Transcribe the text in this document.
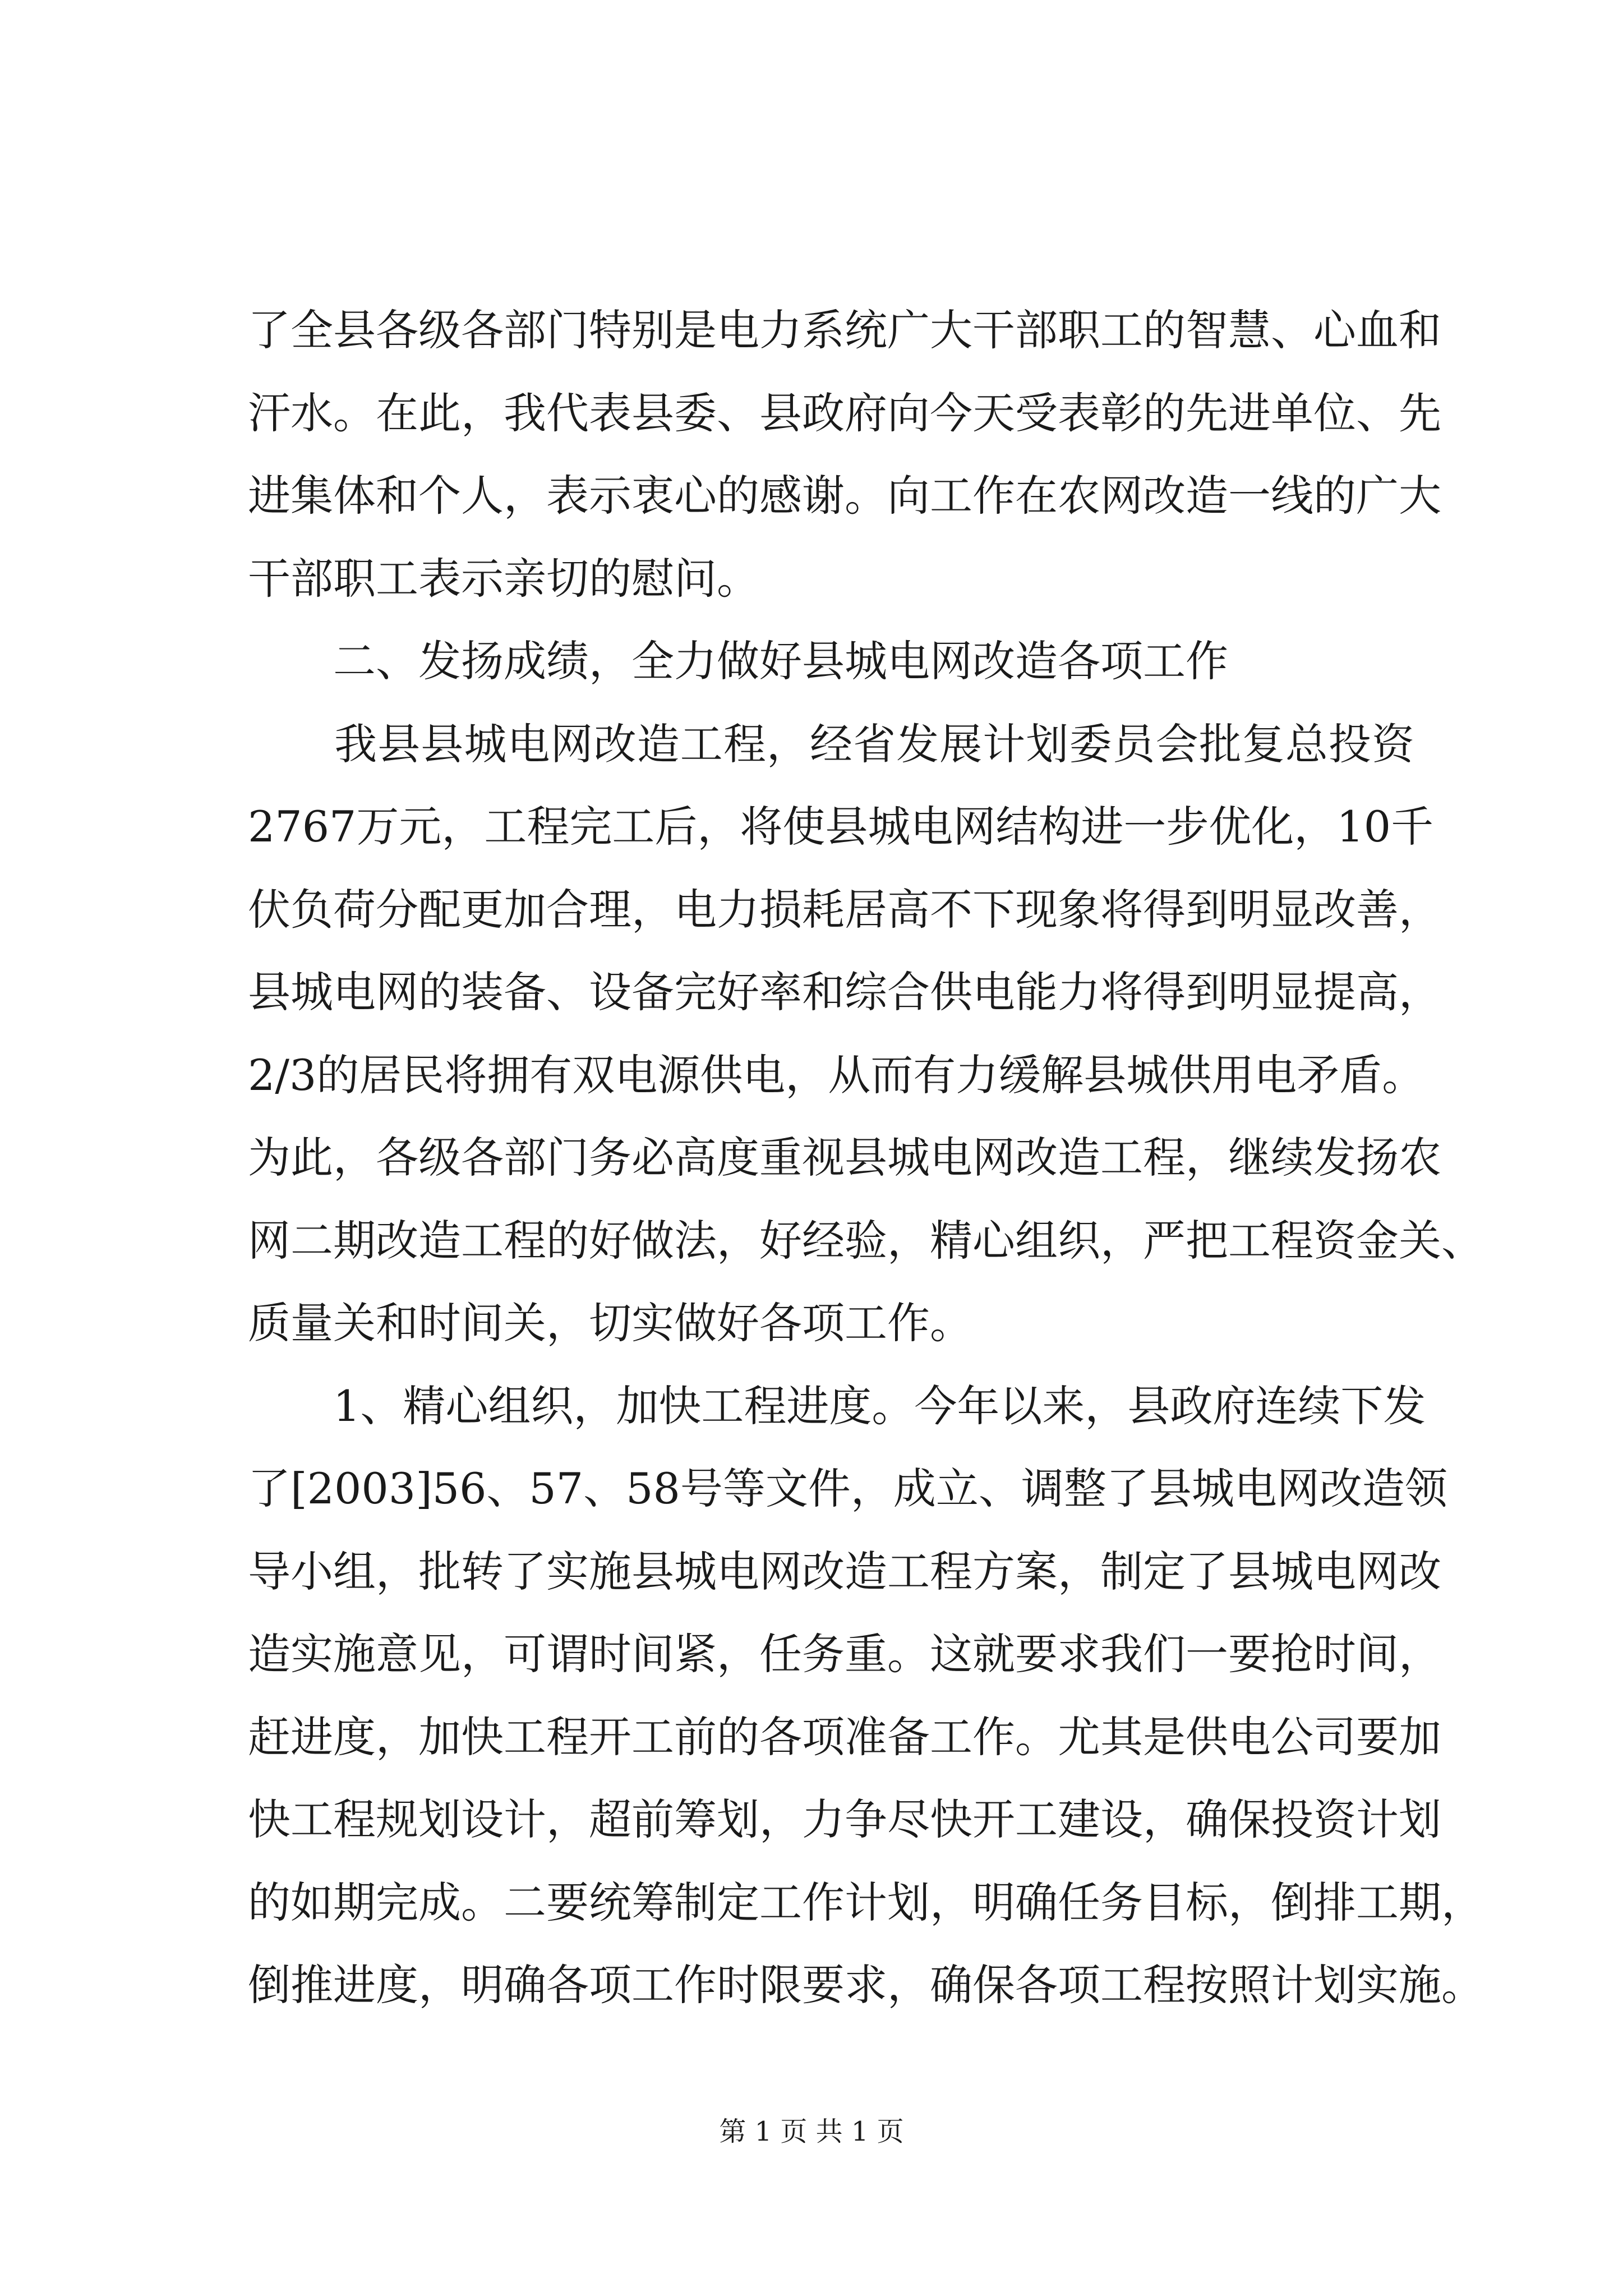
了全县各级各部门特别是电力系统广大干部职工的智慧、心血和
汗水。在此，我代表县委、县政府向今天受表彰的先进单位、先
进集体和个人，表示衷心的感谢。向工作在农网改造一线的广大
干部职工表示亲切的慰问。
　　二、发扬成绩，全力做好县城电网改造各项工作
　　我县县城电网改造工程，经省发展计划委员会批复总投资
2767万元，工程完工后，将使县城电网结构进一步优化，10千
伏负荷分配更加合理，电力损耗居高不下现象将得到明显改善，
县城电网的装备、设备完好率和综合供电能力将得到明显提高，
2/3的居民将拥有双电源供电，从而有力缓解县城供用电矛盾。
为此，各级各部门务必高度重视县城电网改造工程，继续发扬农
网二期改造工程的好做法，好经验，精心组织，严把工程资金关、
质量关和时间关，切实做好各项工作。
　　1、精心组织，加快工程进度。今年以来，县政府连续下发
了[2003]56、57、58号等文件，成立、调整了县城电网改造领
导小组，批转了实施县城电网改造工程方案，制定了县城电网改
造实施意见，可谓时间紧，任务重。这就要求我们一要抢时间，
赶进度，加快工程开工前的各项准备工作。尤其是供电公司要加
快工程规划设计，超前筹划，力争尽快开工建设，确保投资计划
的如期完成。二要统筹制定工作计划，明确任务目标，倒排工期，
倒推进度，明确各项工作时限要求，确保各项工程按照计划实施。
第 1 页 共 1 页
